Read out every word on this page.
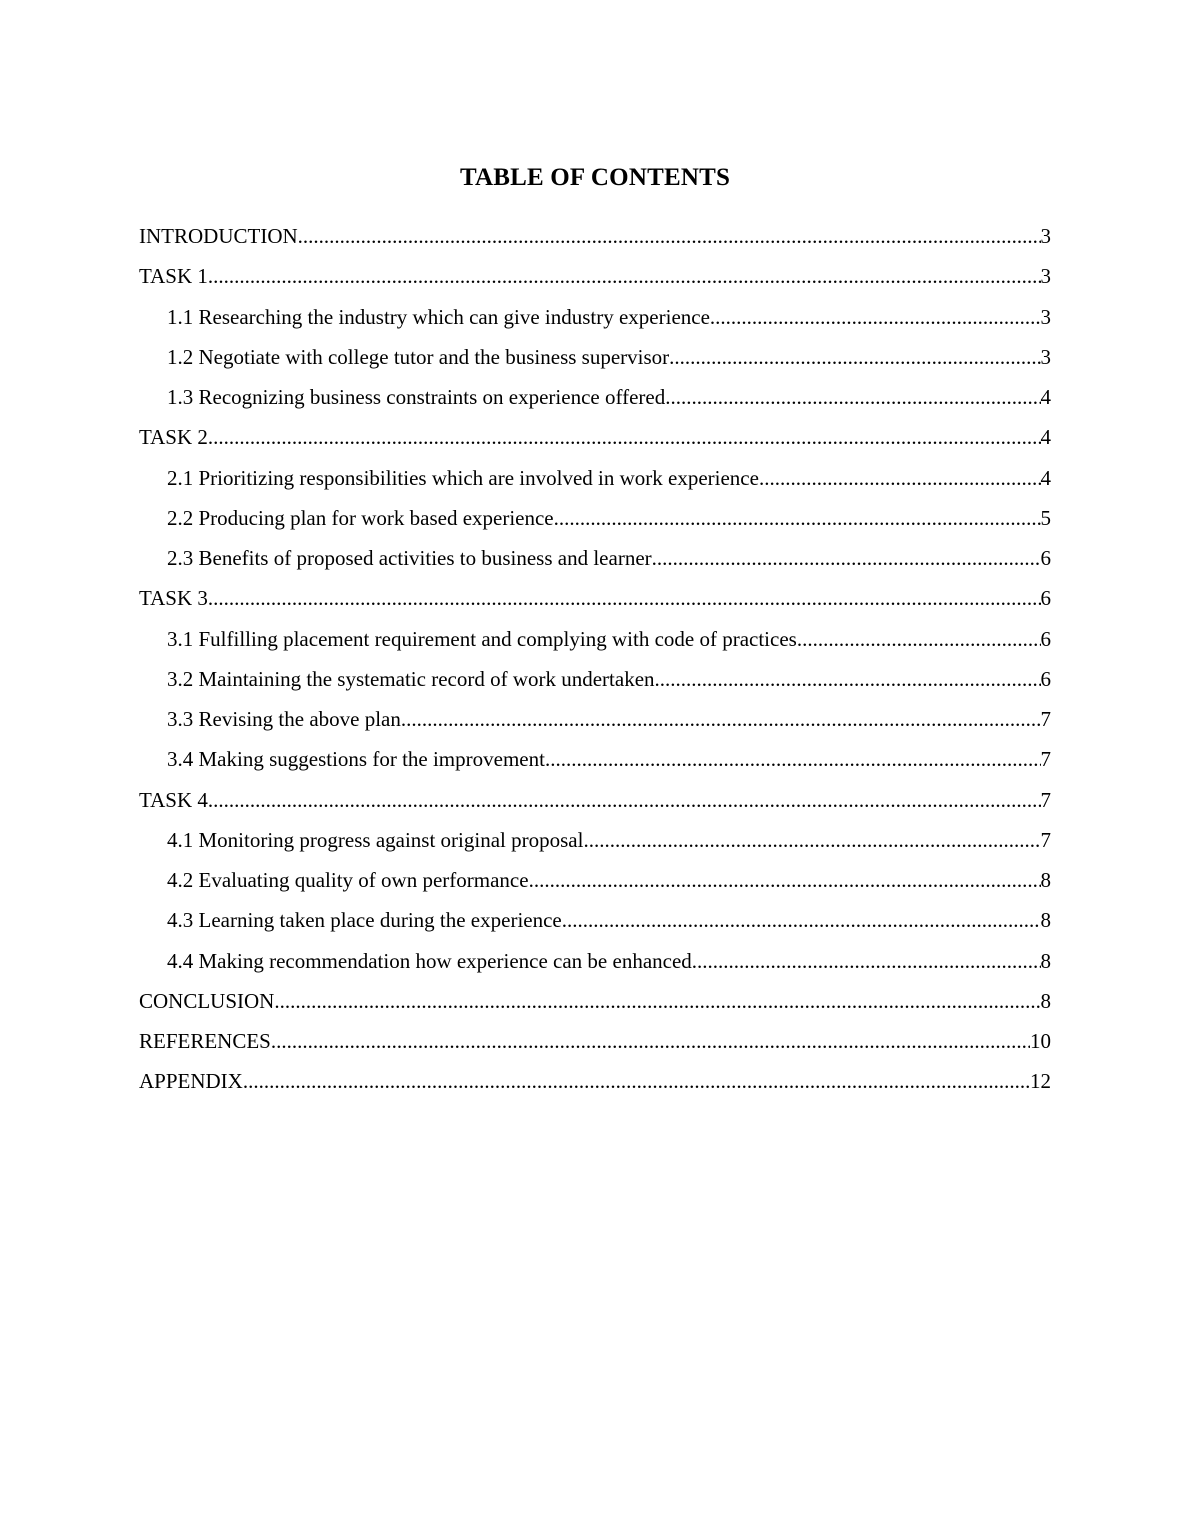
TABLE OF CONTENTS
INTRODUCTION .....	3
TASK 1 .....	3
1.1 Researching the industry which can give industry experience .....	3
1.2 Negotiate with college tutor and the business supervisor .....	3
1.3 Recognizing business constraints on experience offered .....	4
TASK 2 .....	4
2.1 Prioritizing responsibilities which are involved in work experience .....	4
2.2 Producing plan for work based experience .....	5
2.3 Benefits of proposed activities to business and learner .....	6
TASK 3 .....	6
3.1 Fulfilling placement requirement and complying with code of practices .....	6
3.2 Maintaining the systematic record of work undertaken .....	6
3.3 Revising the above plan .....	7
3.4 Making suggestions for the improvement .....	7
TASK 4 .....	7
4.1 Monitoring progress against original proposal .....	7
4.2 Evaluating quality of own performance .....	8
4.3 Learning taken place during the experience .....	8
4.4 Making recommendation how experience can be enhanced .....	8
CONCLUSION .....	8
REFERENCES .....	10
APPENDIX .....	12
